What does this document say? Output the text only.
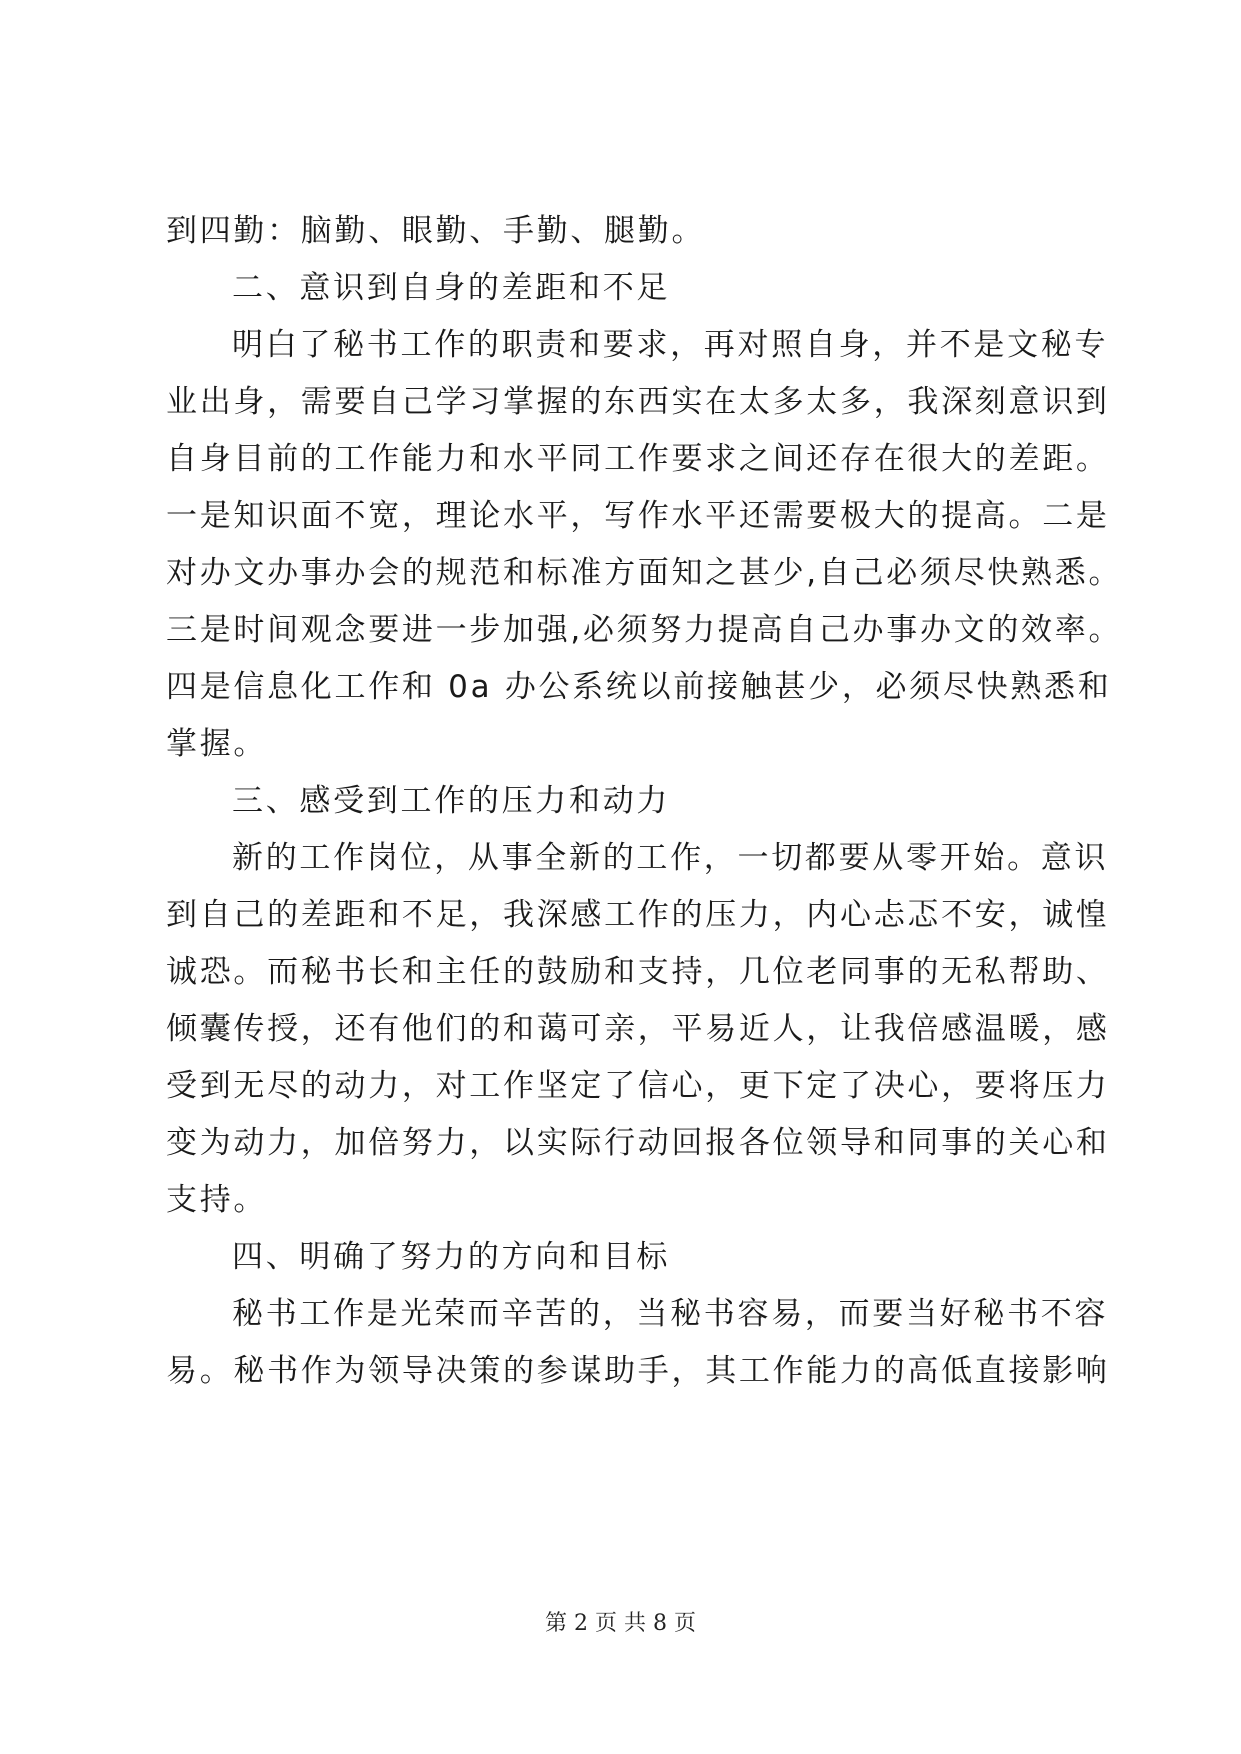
到四勤：脑勤、眼勤、手勤、腿勤。
二、意识到自身的差距和不足
明白了秘书工作的职责和要求，再对照自身，并不是文秘专
业出身，需要自己学习掌握的东西实在太多太多，我深刻意识到
自身目前的工作能力和水平同工作要求之间还存在很大的差距。
一是知识面不宽，理论水平，写作水平还需要极大的提高。二是
对办文办事办会的规范和标准方面知之甚少,自己必须尽快熟悉。
三是时间观念要进一步加强,必须努力提高自己办事办文的效率。
四是信息化工作和 0a 办公系统以前接触甚少，必须尽快熟悉和
掌握。
三、感受到工作的压力和动力
新的工作岗位，从事全新的工作，一切都要从零开始。意识
到自己的差距和不足，我深感工作的压力，内心忐忑不安，诚惶
诚恐。而秘书长和主任的鼓励和支持，几位老同事的无私帮助、
倾囊传授，还有他们的和蔼可亲，平易近人，让我倍感温暖，感
受到无尽的动力，对工作坚定了信心，更下定了决心，要将压力
变为动力，加倍努力，以实际行动回报各位领导和同事的关心和
支持。
四、明确了努力的方向和目标
秘书工作是光荣而辛苦的，当秘书容易，而要当好秘书不容
易。秘书作为领导决策的参谋助手，其工作能力的高低直接影响
第 2 页 共 8 页
